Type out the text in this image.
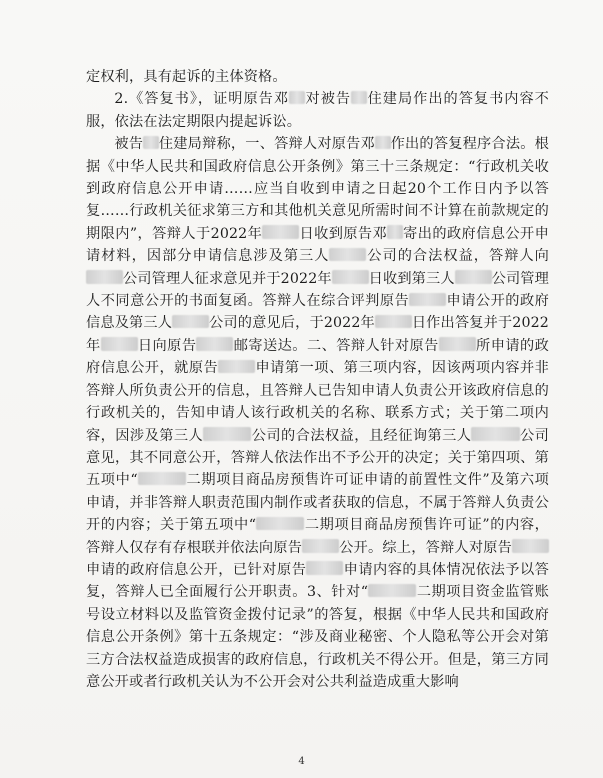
定权利，具有起诉的主体资格。

2.《答复书》，证明原告邓 对被告 住建局作出的答复书内容不服，依法在法定期限内提起诉讼。

被告 住建局辩称，一、答辩人对原告邓 作出的答复程序合法。根据《中华人民共和国政府信息公开条例》第三十三条规定：“行政机关收到政府信息公开申请……应当自收到申请之日起20个工作日内予以答复……行政机关征求第三方和其他机关意见所需时间不计算在前款规定的期限内”，答辩人于2022年	日收到原告邓 寄出的政府信息公开申请材料，因部分申请信息涉及第三人	公司的合法权益，答辩人向公司管理人征求意见并于2022年	日收到第三人	公司管理人不同意公开的书面复函。答辩人在综合评判原告	申请公开的政府信息及第三人	公司的意见后，于2022年	日作出答复并于2022年	日向原告	邮寄送达。二、答辩人针对原告	所申请的政府信息公开，就原告	申请第一项、第三项内容，因该两项内容并非答辩人所负责公开的信息，且答辩人已告知申请人负责公开该政府信息的行政机关的，告知申请人该行政机关的名称、联系方式；关于第二项内容，因涉及第三人	公司的合法权益，且经征询第三人	公司意见，其不同意公开，答辩人依法作出不予公开的决定；关于第四项、第五项中“	二期项目商品房预售许可证申请的前置性文件”及第六项申请，并非答辩人职责范围内制作或者获取的信息，不属于答辩人负责公开的内容；关于第五项中“	二期项目商品房预售许可证”的内容，答辩人仅存有存根联并依法向原告	公开。综上，答辩人对原告申请的政府信息公开，已针对原告	申请内容的具体情况依法予以答复，答辩人已全面履行公开职责。3、针对“	二期项目资金监管账号设立材料以及监管资金拨付记录”的答复，根据《中华人民共和国政府信息公开条例》第十五条规定：“涉及商业秘密、个人隐私等公开会对第三方合法权益造成损害的政府信息，行政机关不得公开。但是，第三方同意公开或者行政机关认为不公开会对公共利益造成重大影响

4
